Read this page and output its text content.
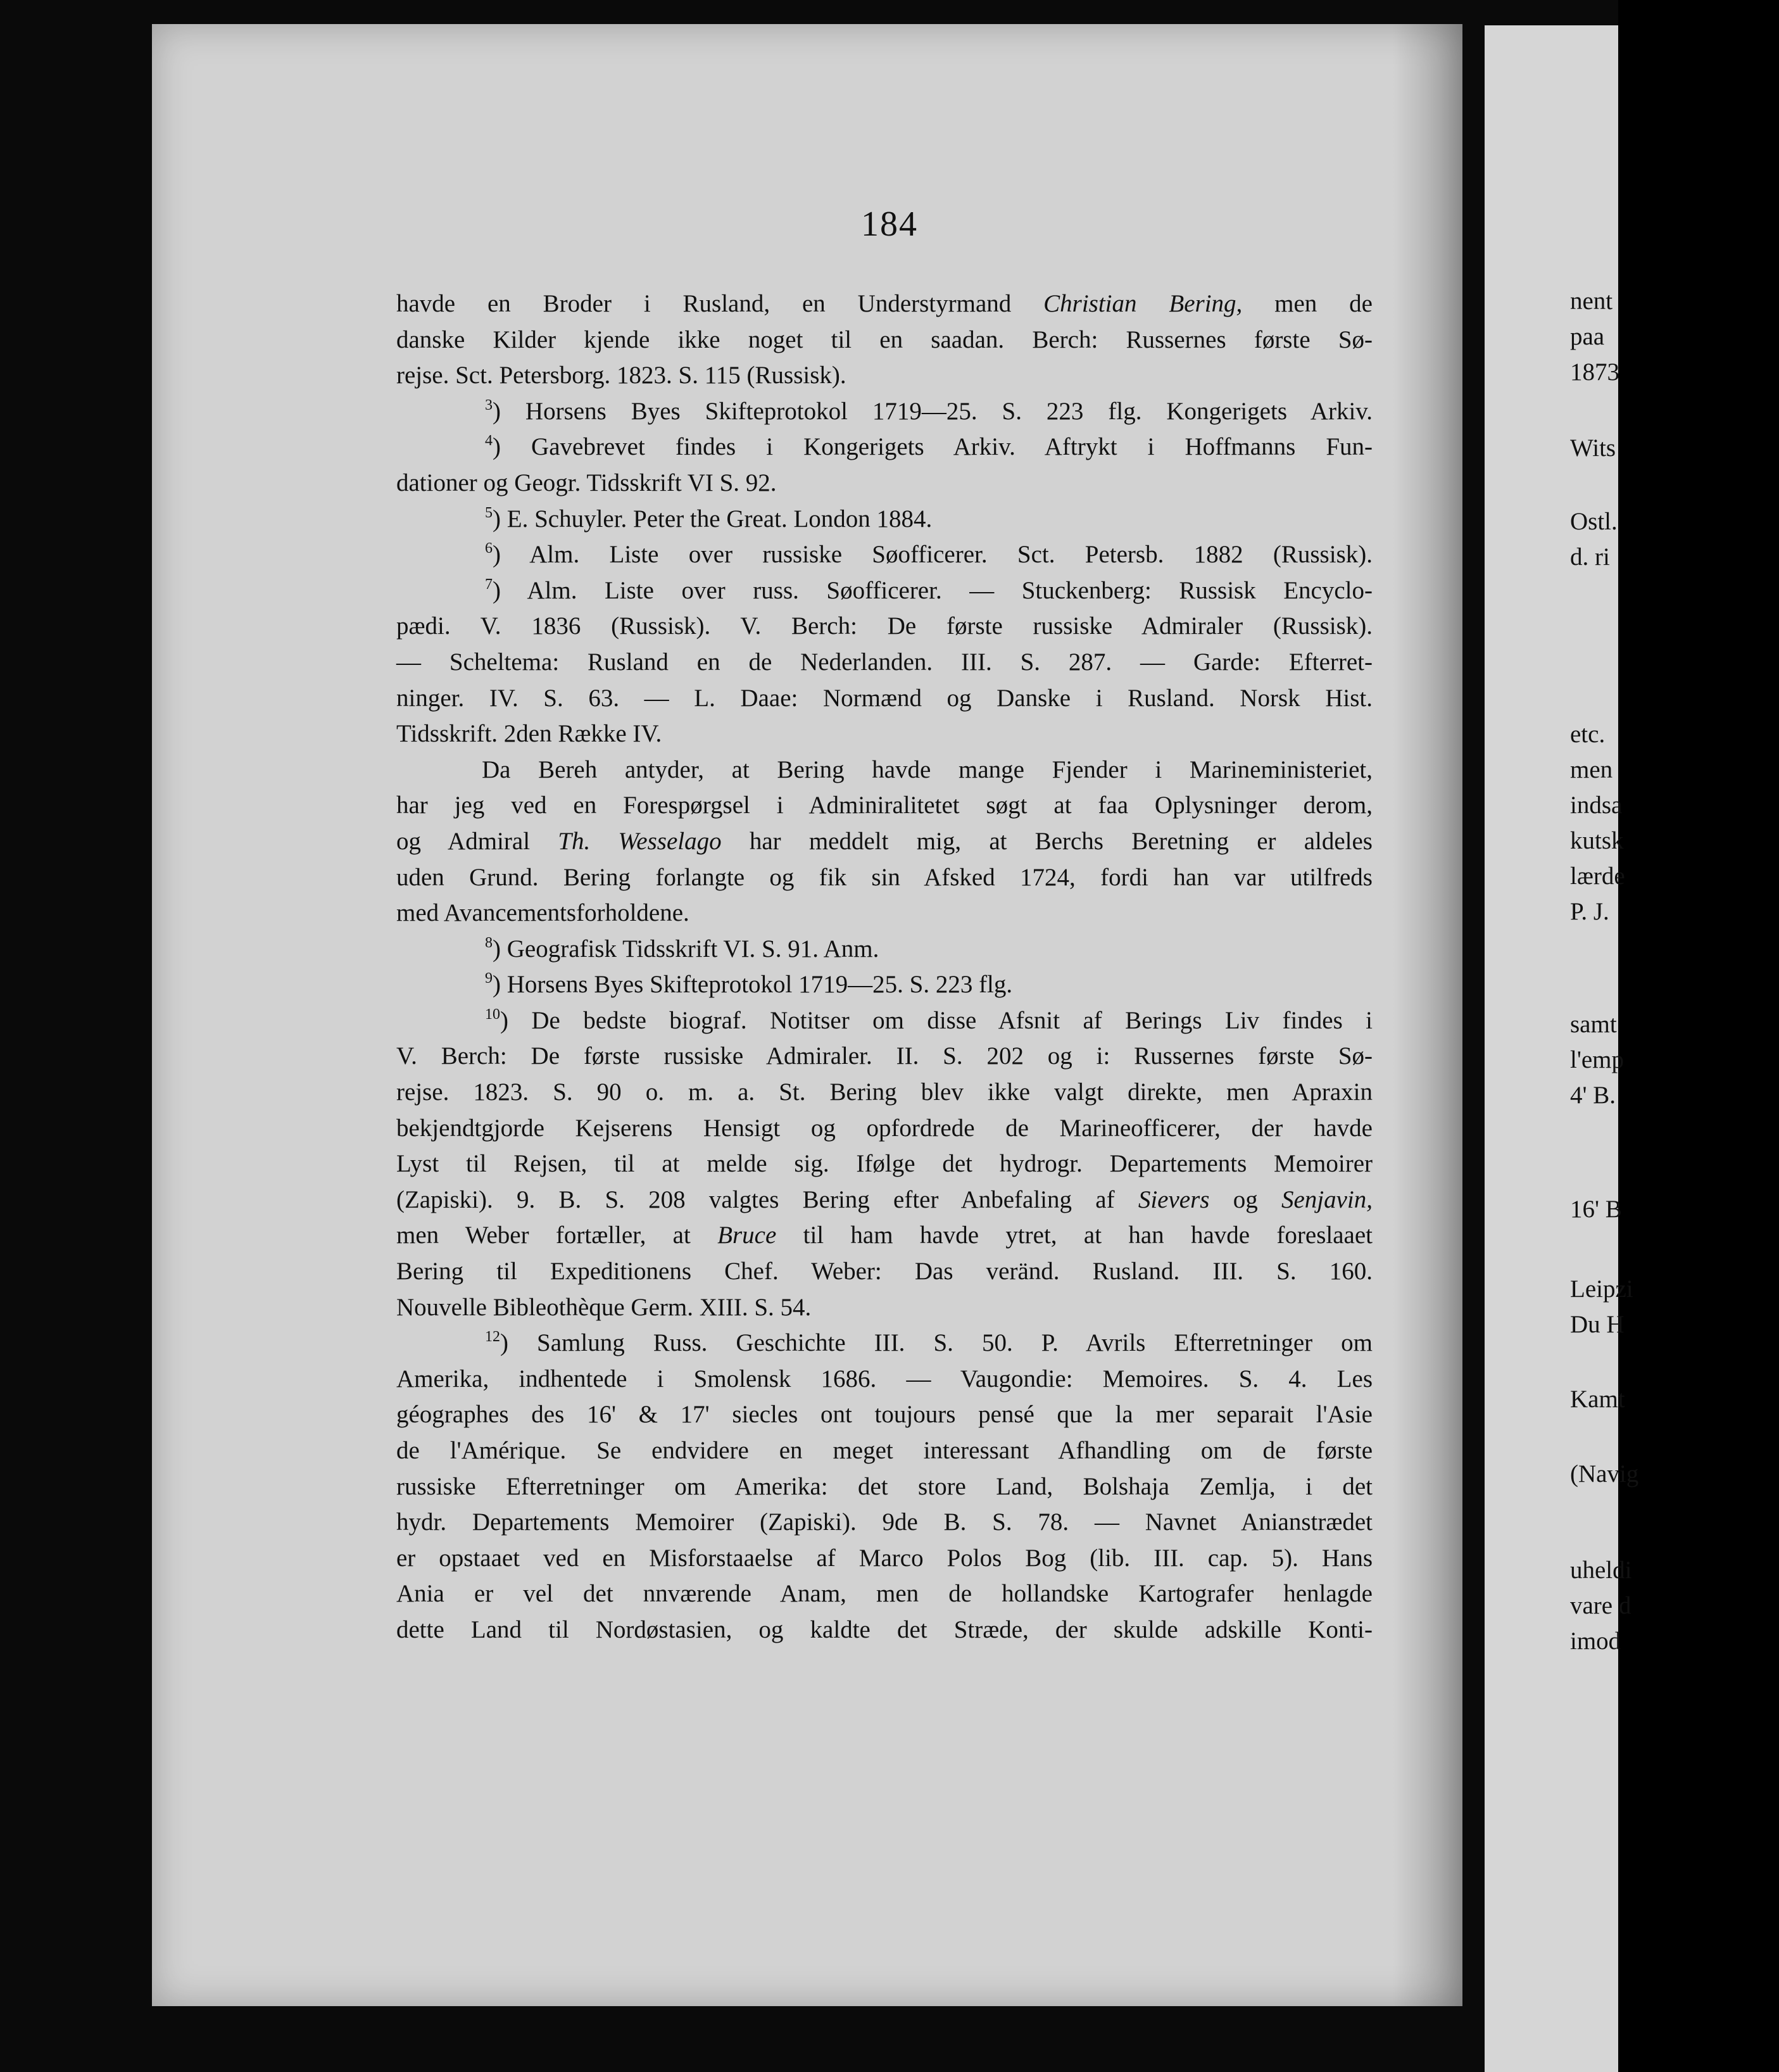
184
havde en Broder i Rusland, en Understyrmand Christian Bering, men de
danske Kilder kjende ikke noget til en saadan. Berch: Russernes første Sø-
rejse. Sct. Petersborg. 1823. S. 115 (Russisk).
$^3$) Horsens Byes Skifteprotokol 1719—25. S. 223 flg. Kongerigets Arkiv.
$^4$) Gavebrevet findes i Kongerigets Arkiv. Aftrykt i Hoffmanns Fun-
dationer og Geogr. Tidsskrift VI S. 92.
$^5$) E. Schuyler. Peter the Great. London 1884.
$^6$) Alm. Liste over russiske Søofficerer. Sct. Petersb. 1882 (Russisk).
$^7$) Alm. Liste over russ. Søofficerer. — Stuckenberg: Russisk Encyclo-
pædi. V. 1836 (Russisk). V. Berch: De første russiske Admiraler (Russisk).
— Scheltema: Rusland en de Nederlanden. III. S. 287. — Garde: Efterret-
ninger. IV. S. 63. — L. Daae: Normænd og Danske i Rusland. Norsk Hist.
Tidsskrift. 2den Række IV.
Da Bereh antyder, at Bering havde mange Fjender i Marineministeriet,
har jeg ved en Forespørgsel i Adminiralitetet søgt at faa Oplysninger derom,
og Admiral Th. Wesselago har meddelt mig, at Berchs Beretning er aldeles
uden Grund. Bering forlangte og fik sin Afsked 1724, fordi han var utilfreds
med Avancementsforholdene.
$^8$) Geografisk Tidsskrift VI. S. 91. Anm.
$^9$) Horsens Byes Skifteprotokol 1719—25. S. 223 flg.
$^{10}$) De bedste biograf. Notitser om disse Afsnit af Berings Liv findes i
V. Berch: De første russiske Admiraler. II. S. 202 og i: Russernes første Sø-
rejse. 1823. S. 90 o. m. a. St. Bering blev ikke valgt direkte, men Apraxin
bekjendtgjorde Kejserens Hensigt og opfordrede de Marineofficerer, der havde
Lyst til Rejsen, til at melde sig. Ifølge det hydrogr. Departements Memoirer
(Zapiski). 9. B. S. 208 valgtes Bering efter Anbefaling af Sievers og Senjavin,
men Weber fortæller, at Bruce til ham havde ytret, at han havde foreslaaet
Bering til Expeditionens Chef. Weber: Das veränd. Rusland. III. S. 160.
Nouvelle Bibleothèque Germ. XIII. S. 54.
$^{12}$) Samlung Russ. Geschichte III. S. 50. P. Avrils Efterretninger om
Amerika, indhentede i Smolensk 1686. — Vaugondie: Memoires. S. 4. Les
géographes des 16' & 17' siecles ont toujours pensé que la mer separait l'Asie
de l'Amérique. Se endvidere en meget interessant Afhandling om de første
russiske Efterretninger om Amerika: det store Land, Bolshaja Zemlja, i det
hydr. Departements Memoirer (Zapiski). 9de B. S. 78. — Navnet Anianstrædet
er opstaaet ved en Misforstaaelse af Marco Polos Bog (lib. III. cap. 5). Hans
Ania er vel det nnværende Anam, men de hollandske Kartografer henlagde
dette Land til Nordøstasien, og kaldte det Stræde, der skulde adskille Konti-
nent
paa
1873
Wits
Ostl.
d. ri
etc.
men
indsa
kutsk
lærde
P. J.
samt
l'emp
4' B.
16' B
Leipzi
Du H
Kamt
(Navig
uheldi
vare d
imod
